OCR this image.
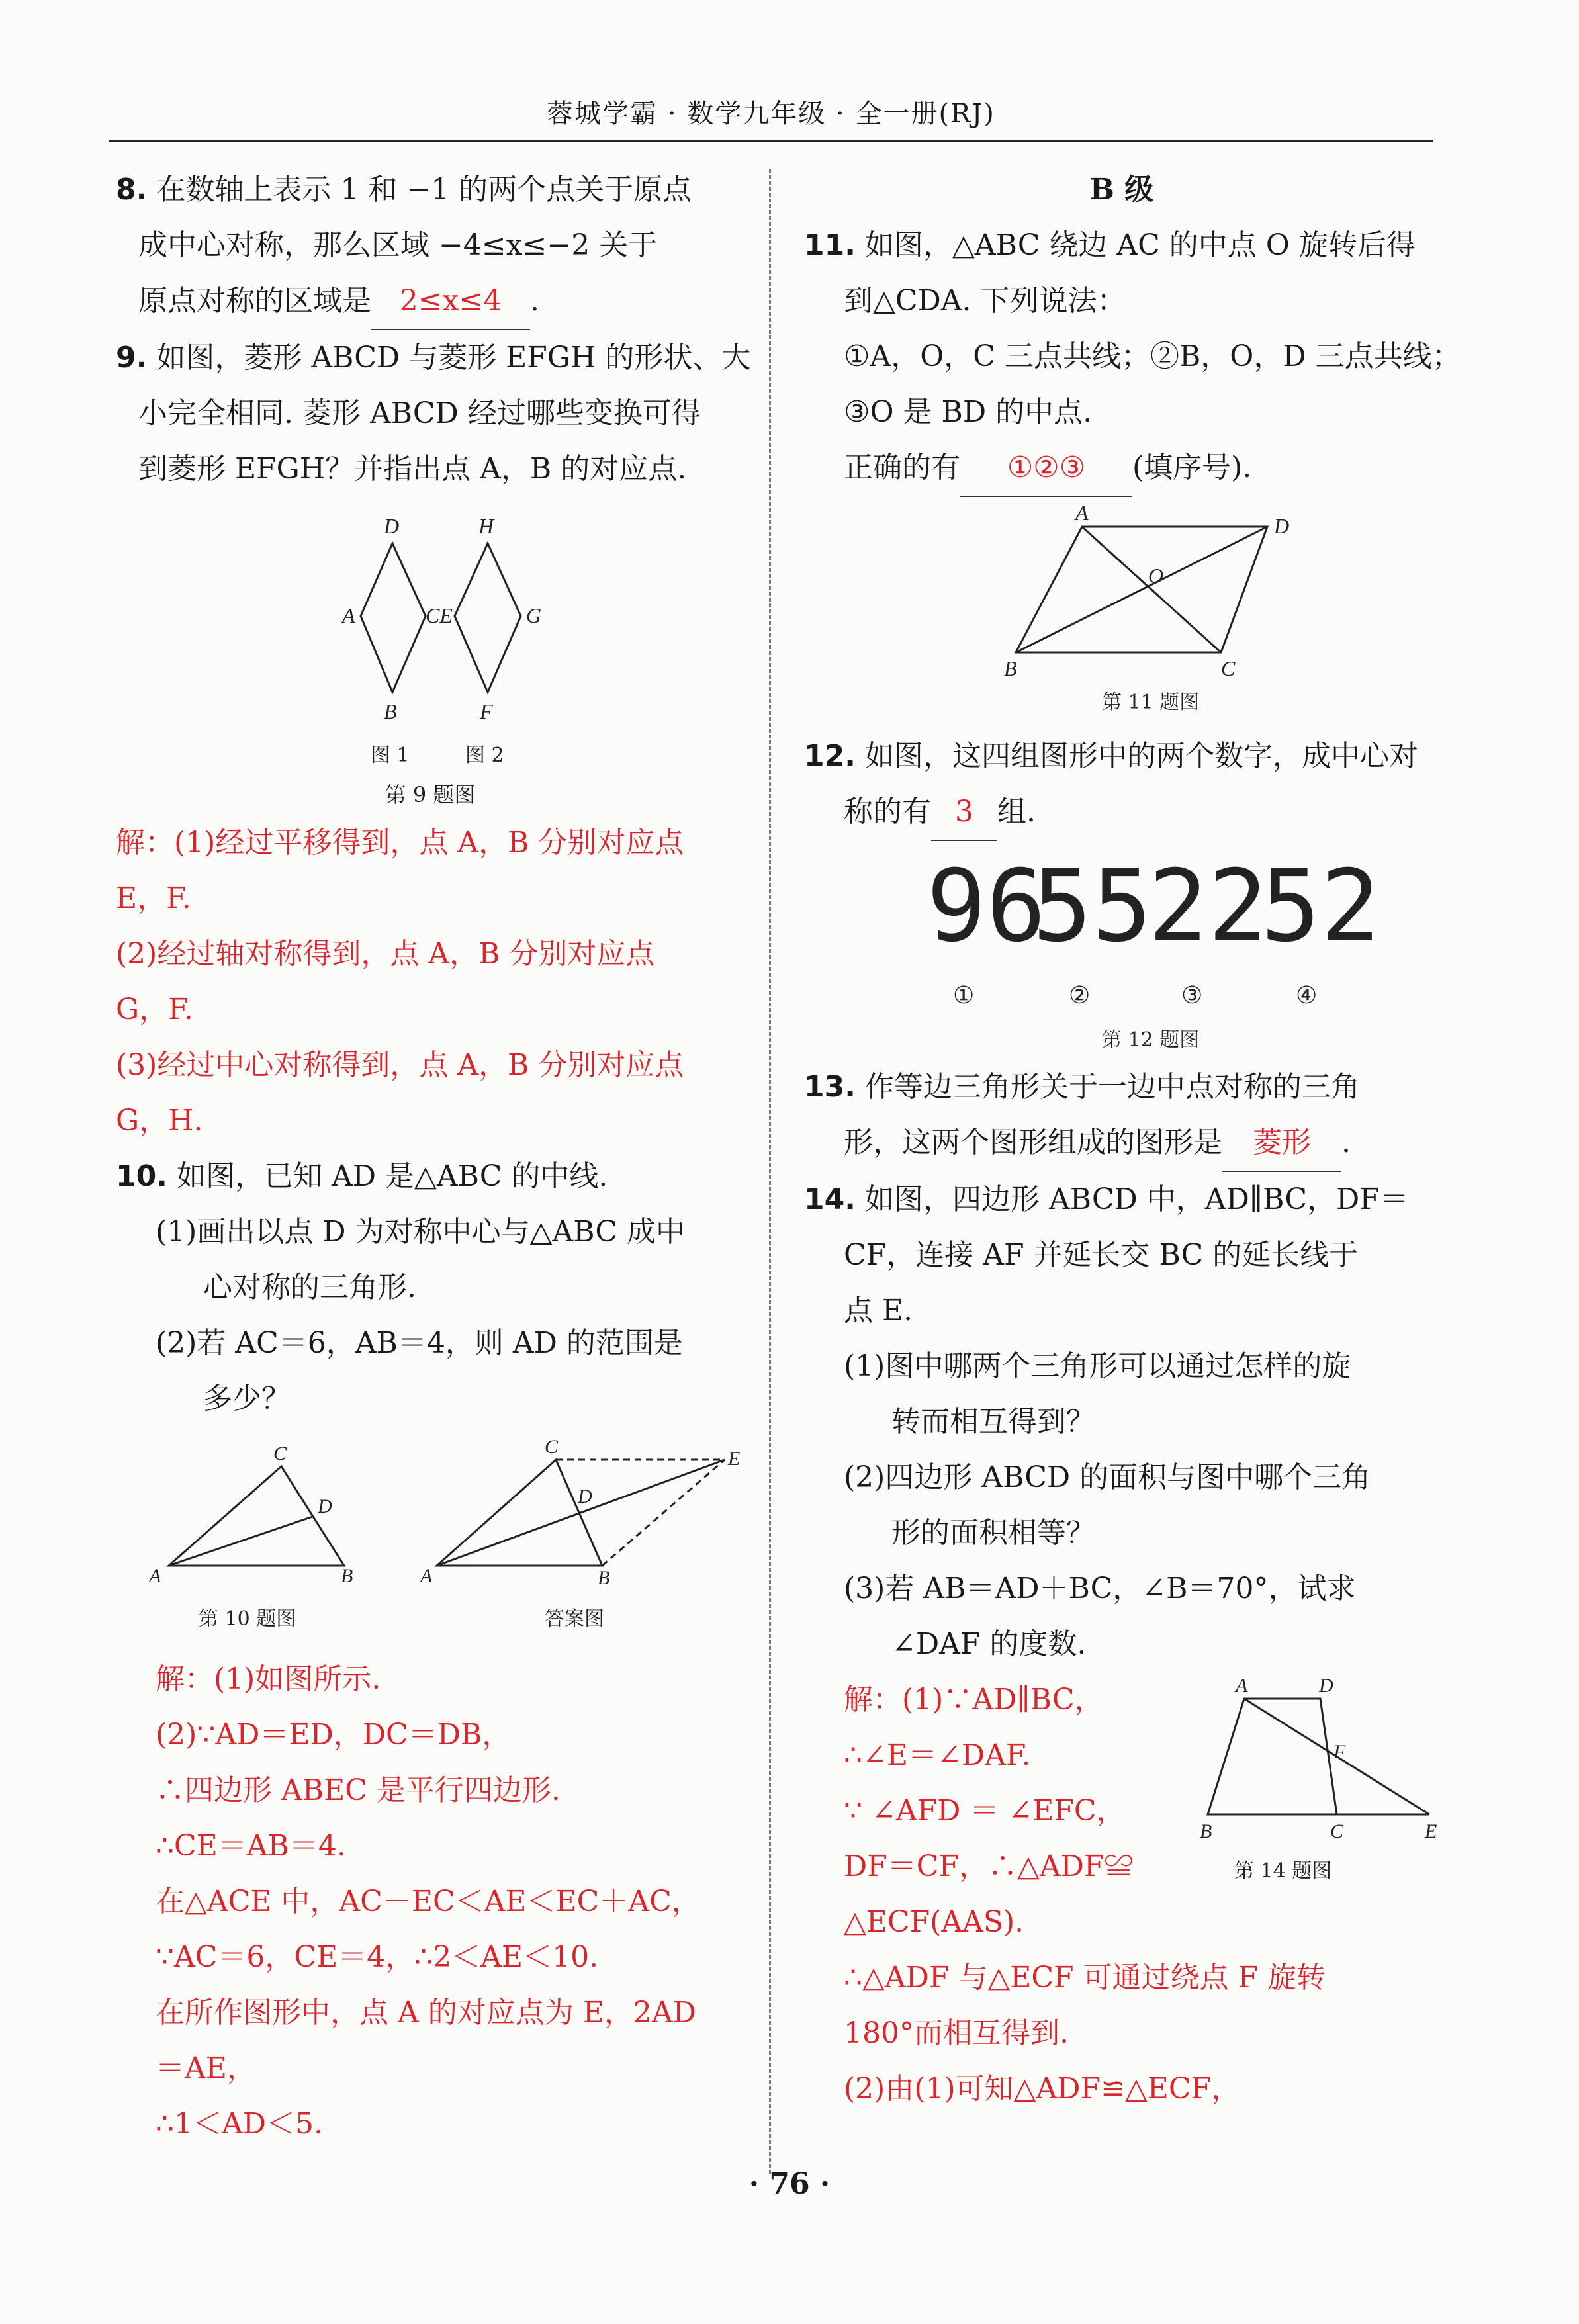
蓉城学霸 · 数学九年级 · 全一册(RJ)

8. 在数轴上表示 1 和 −1 的两个点关于原点

成中心对称，那么区域 −4≤x≤−2 关于

原点对称的区域是 2≤x≤4 .

9. 如图，菱形 ABCD 与菱形 EFGH 的形状、大

小完全相同. 菱形 ABCD 经过哪些变换可得

到菱形 EFGH？并指出点 A，B 的对应点.

D
A	CE
B
H
G
F
图 1	图 2

第 9 题图

解：(1)经过平移得到，点 A，B 分别对应点

E，F.

(2)经过轴对称得到，点 A，B 分别对应点

G，F.

(3)经过中心对称得到，点 A，B 分别对应点

G，H.

10. 如图，已知 AD 是△ABC 的中线.

(1)画出以点 D 为对称中心与△ABC 成中

心对称的三角形.

(2)若 AC＝6，AB＝4，则 AD 的范围是

多少？

A	B
C
D
A	B
C
D
E
第 10 题图	答案图

解：(1)如图所示.

(2)∵AD＝ED，DC＝DB，

∴四边形 ABEC 是平行四边形.

∴CE＝AB＝4.

在△ACE 中，AC－EC＜AE＜EC＋AC，

∵AC＝6，CE＝4，∴2＜AE＜10.

在所作图形中，点 A 的对应点为 E，2AD

＝AE，

∴1＜AD＜5.

B 级

11. 如图，△ABC 绕边 AC 的中点 O 旋转后得

到△CDA. 下列说法：

①A，O，C 三点共线；②B，O，D 三点共线；

③O 是 BD 的中点.

正确的有 ①②③ (填序号).

A
D
B	C
O
第 11 题图

12. 如图，这四组图形中的两个数字，成中心对

称的有 3 组.

96
55
22
52
①	②	③	④
第 12 题图

13. 作等边三角形关于一边中点对称的三角

形，这两个图形组成的图形是 菱形 .

14. 如图，四边形 ABCD 中，AD∥BC，DF＝

CF，连接 AF 并延长交 BC 的延长线于

点 E.

(1)图中哪两个三角形可以通过怎样的旋

转而相互得到？

(2)四边形 ABCD 的面积与图中哪个三角

形的面积相等？

(3)若 AB＝AD＋BC，∠B＝70°，试求

∠DAF 的度数.

解：(1)∵AD∥BC，

∴∠E＝∠DAF.

∵ ∠AFD ＝ ∠EFC，

DF＝CF，∴△ADF≌

△ECF(AAS).

A	D
F
B	C	E
第 14 题图

∴△ADF 与△ECF 可通过绕点 F 旋转

180°而相互得到.

(2)由(1)可知△ADF≌△ECF，

· 76 ·
